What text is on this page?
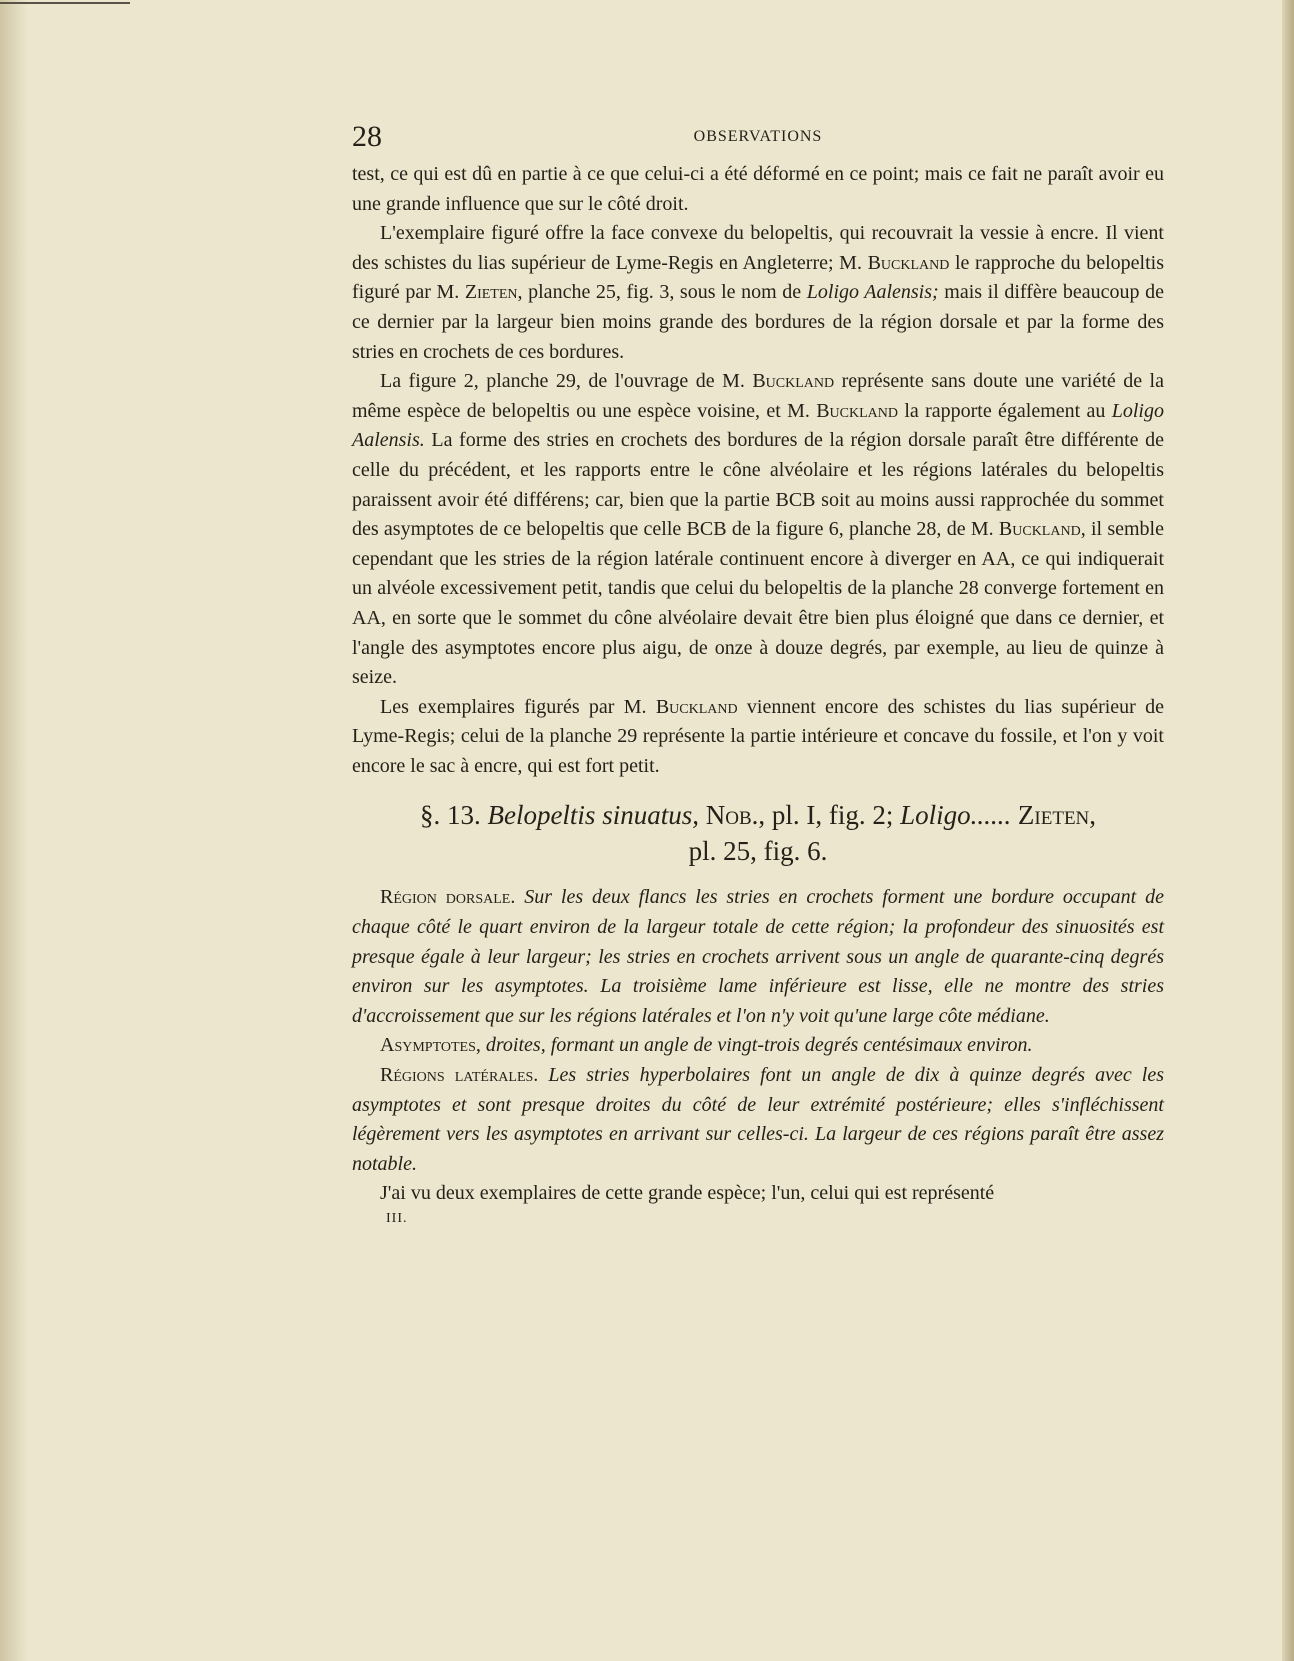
28	OBSERVATIONS

test, ce qui est dû en partie à ce que celui-ci a été déformé en ce point; mais ce fait ne paraît avoir eu une grande influence que sur le côté droit.

L'exemplaire figuré offre la face convexe du belopeltis, qui recouvrait la vessie à encre. Il vient des schistes du lias supérieur de Lyme-Regis en Angleterre; M. Buckland le rapproche du belopeltis figuré par M. Zieten, planche 25, fig. 3, sous le nom de Loligo Aalensis; mais il diffère beaucoup de ce dernier par la largeur bien moins grande des bordures de la région dorsale et par la forme des stries en crochets de ces bordures.

La figure 2, planche 29, de l'ouvrage de M. Buckland représente sans doute une variété de la même espèce de belopeltis ou une espèce voisine, et M. Buckland la rapporte également au Loligo Aalensis. La forme des stries en crochets des bordures de la région dorsale paraît être différente de celle du précédent, et les rapports entre le cône alvéolaire et les régions latérales du belopeltis paraissent avoir été différens; car, bien que la partie BCB soit au moins aussi rapprochée du sommet des asymptotes de ce belopeltis que celle BCB de la figure 6, planche 28, de M. Buckland, il semble cependant que les stries de la région latérale continuent encore à diverger en AA, ce qui indiquerait un alvéole excessivement petit, tandis que celui du belopeltis de la planche 28 converge fortement en AA, en sorte que le sommet du cône alvéolaire devait être bien plus éloigné que dans ce dernier, et l'angle des asymptotes encore plus aigu, de onze à douze degrés, par exemple, au lieu de quinze à seize.

Les exemplaires figurés par M. Buckland viennent encore des schistes du lias supérieur de Lyme-Regis; celui de la planche 29 représente la partie intérieure et concave du fossile, et l'on y voit encore le sac à encre, qui est fort petit.

§. 13. Belopeltis sinuatus, Nob., pl. I, fig. 2; Loligo...... Zieten,
pl. 25, fig. 6.

Région dorsale. Sur les deux flancs les stries en crochets forment une bordure occupant de chaque côté le quart environ de la largeur totale de cette région; la profondeur des sinuosités est presque égale à leur largeur; les stries en crochets arrivent sous un angle de quarante-cinq degrés environ sur les asymptotes. La troisième lame inférieure est lisse, elle ne montre des stries d'accroissement que sur les régions latérales et l'on n'y voit qu'une large côte médiane.

Asymptotes, droites, formant un angle de vingt-trois degrés centésimaux environ.

Régions latérales. Les stries hyperbolaires font un angle de dix à quinze degrés avec les asymptotes et sont presque droites du côté de leur extrémité postérieure; elles s'infléchissent légèrement vers les asymptotes en arrivant sur celles-ci. La largeur de ces régions paraît être assez notable.

J'ai vu deux exemplaires de cette grande espèce; l'un, celui qui est représenté

III.
